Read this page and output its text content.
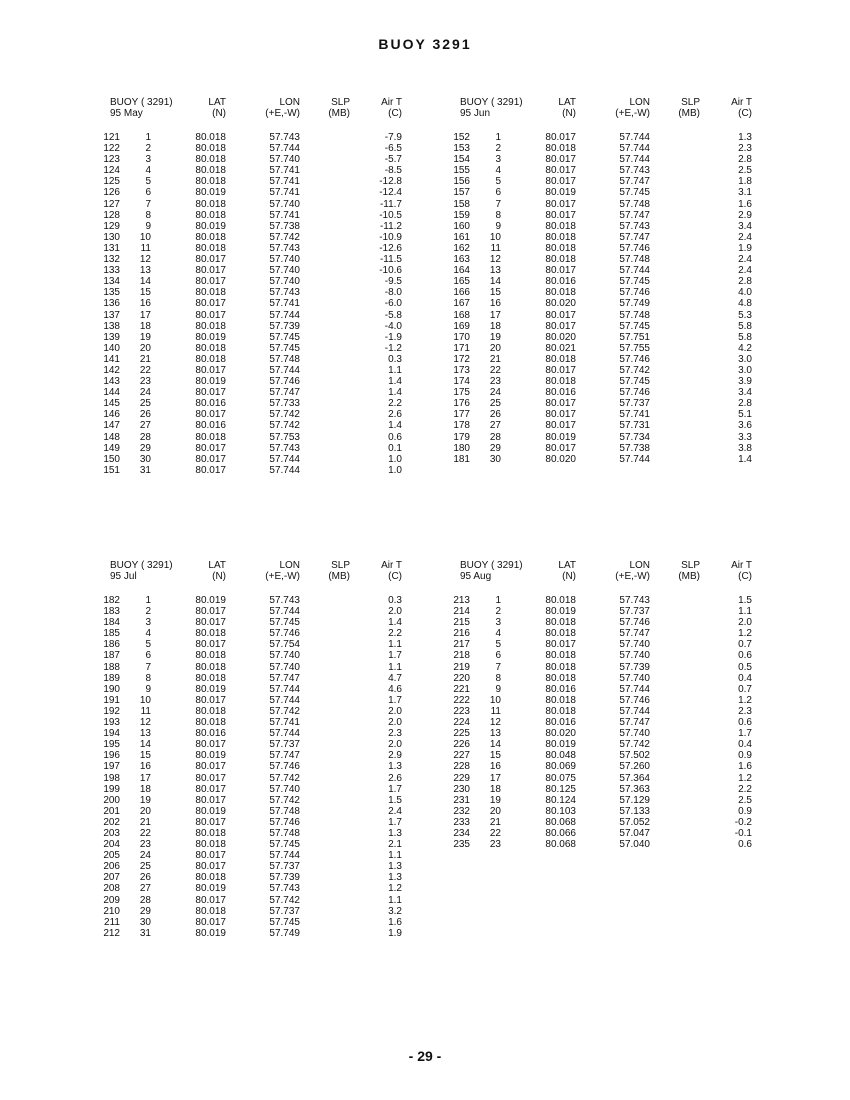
BUOY 3291
BUOY ( 3291)
95 May
LAT
(N)
LON
(+E,-W)
SLP
(MB)
Air T
(C)
121	1	80.018	57.743	-7.9
122	2	80.018	57.744	-6.5
123	3	80.018	57.740	-5.7
124	4	80.018	57.741	-8.5
125	5	80.018	57.741	-12.8
126	6	80.019	57.741	-12.4
127	7	80.018	57.740	-11.7
128	8	80.018	57.741	-10.5
129	9	80.019	57.738	-11.2
130 10	80.018	57.742	-10.9
131 11	80.018	57.743	-12.6
132 12	80.017	57.740	-11.5
133 13	80.017	57.740	-10.6
134 14	80.017	57.740	-9.5
135 15	80.018	57.743	-8.0
136 16	80.017	57.741	-6.0
137 17	80.017	57.744	-5.8
138 18	80.018	57.739	-4.0
139 19	80.019	57.745	-1.9
140 20	80.018	57.745	-1.2
141 21	80.018	57.748	0.3
142 22	80.017	57.744	1.1
143 23	80.019	57.746	1.4
144 24	80.017	57.747	1.4
145 25	80.016	57.733	2.2
146 26	80.017	57.742	2.6
147 27	80.016	57.742	1.4
148 28	80.018	57.753	0.6
149 29	80.017	57.743	0.1
150 30	80.017	57.744	1.0
151 31	80.017	57.744	1.0
BUOY ( 3291)
95 Jun
LAT
(N)
LON
(+E,-W)
SLP
(MB)
Air T
(C)
152	1	80.017	57.744	1.3
153	2	80.018	57.744	2.3
154	3	80.017	57.744	2.8
155	4	80.017	57.743	2.5
156	5	80.017	57.747	1.8
157	6	80.019	57.745	3.1
158	7	80.017	57.748	1.6
159	8	80.017	57.747	2.9
160	9	80.018	57.743	3.4
161 10	80.018	57.747	2.4
162 11	80.018	57.746	1.9
163 12	80.018	57.748	2.4
164 13	80.017	57.744	2.4
165 14	80.016	57.745	2.8
166 15	80.018	57.746	4.0
167 16	80.020	57.749	4.8
168 17	80.017	57.748	5.3
169 18	80.017	57.745	5.8
170 19	80.020	57.751	5.8
171 20	80.021	57.755	4.2
172 21	80.018	57.746	3.0
173 22	80.017	57.742	3.0
174 23	80.018	57.745	3.9
175 24	80.016	57.746	3.4
176 25	80.017	57.737	2.8
177 26	80.017	57.741	5.1
178 27	80.017	57.731	3.6
179 28	80.019	57.734	3.3
180 29	80.017	57.738	3.8
181 30	80.020	57.744	1.4
BUOY ( 3291)
95 Jul
LAT
(N)
LON
(+E,-W)
SLP
(MB)
Air T
(C)
182	1	80.019	57.743	0.3
183	2	80.017	57.744	2.0
184	3	80.017	57.745	1.4
185	4	80.018	57.746	2.2
186	5	80.017	57.754	1.1
187	6	80.018	57.740	1.7
188	7	80.018	57.740	1.1
189	8	80.018	57.747	4.7
190	9	80.019	57.744	4.6
191 10	80.017	57.744	1.7
192 11	80.018	57.742	2.0
193 12	80.018	57.741	2.0
194 13	80.016	57.744	2.3
195 14	80.017	57.737	2.0
196 15	80.019	57.747	2.9
197 16	80.017	57.746	1.3
198 17	80.017	57.742	2.6
199 18	80.017	57.740	1.7
200 19	80.017	57.742	1.5
201 20	80.019	57.748	2.4
202 21	80.017	57.746	1.7
203 22	80.018	57.748	1.3
204 23	80.018	57.745	2.1
205 24	80.017	57.744	1.1
206 25	80.017	57.737	1.3
207 26	80.018	57.739	1.3
208 27	80.019	57.743	1.2
209 28	80.017	57.742	1.1
210 29	80.018	57.737	3.2
211 30	80.017	57.745	1.6
212 31	80.019	57.749	1.9
BUOY ( 3291)
95 Aug
LAT
(N)
LON
(+E,-W)
SLP
(MB)
Air T
(C)
213	1	80.018	57.743	1.5
214	2	80.019	57.737	1.1
215	3	80.018	57.746	2.0
216	4	80.018	57.747	1.2
217	5	80.017	57.740	0.7
218	6	80.018	57.740	0.6
219	7	80.018	57.739	0.5
220	8	80.018	57.740	0.4
221	9	80.016	57.744	0.7
222 10	80.018	57.746	1.2
223 11	80.018	57.744	2.3
224 12	80.016	57.747	0.6
225 13	80.020	57.740	1.7
226 14	80.019	57.742	0.4
227 15	80.048	57.502	0.9
228 16	80.069	57.260	1.6
229 17	80.075	57.364	1.2
230 18	80.125	57.363	2.2
231 19	80.124	57.129	2.5
232 20	80.103	57.133	0.9
233 21	80.068	57.052	-0.2
234 22	80.066	57.047	-0.1
235 23	80.068	57.040	0.6
- 29 -
